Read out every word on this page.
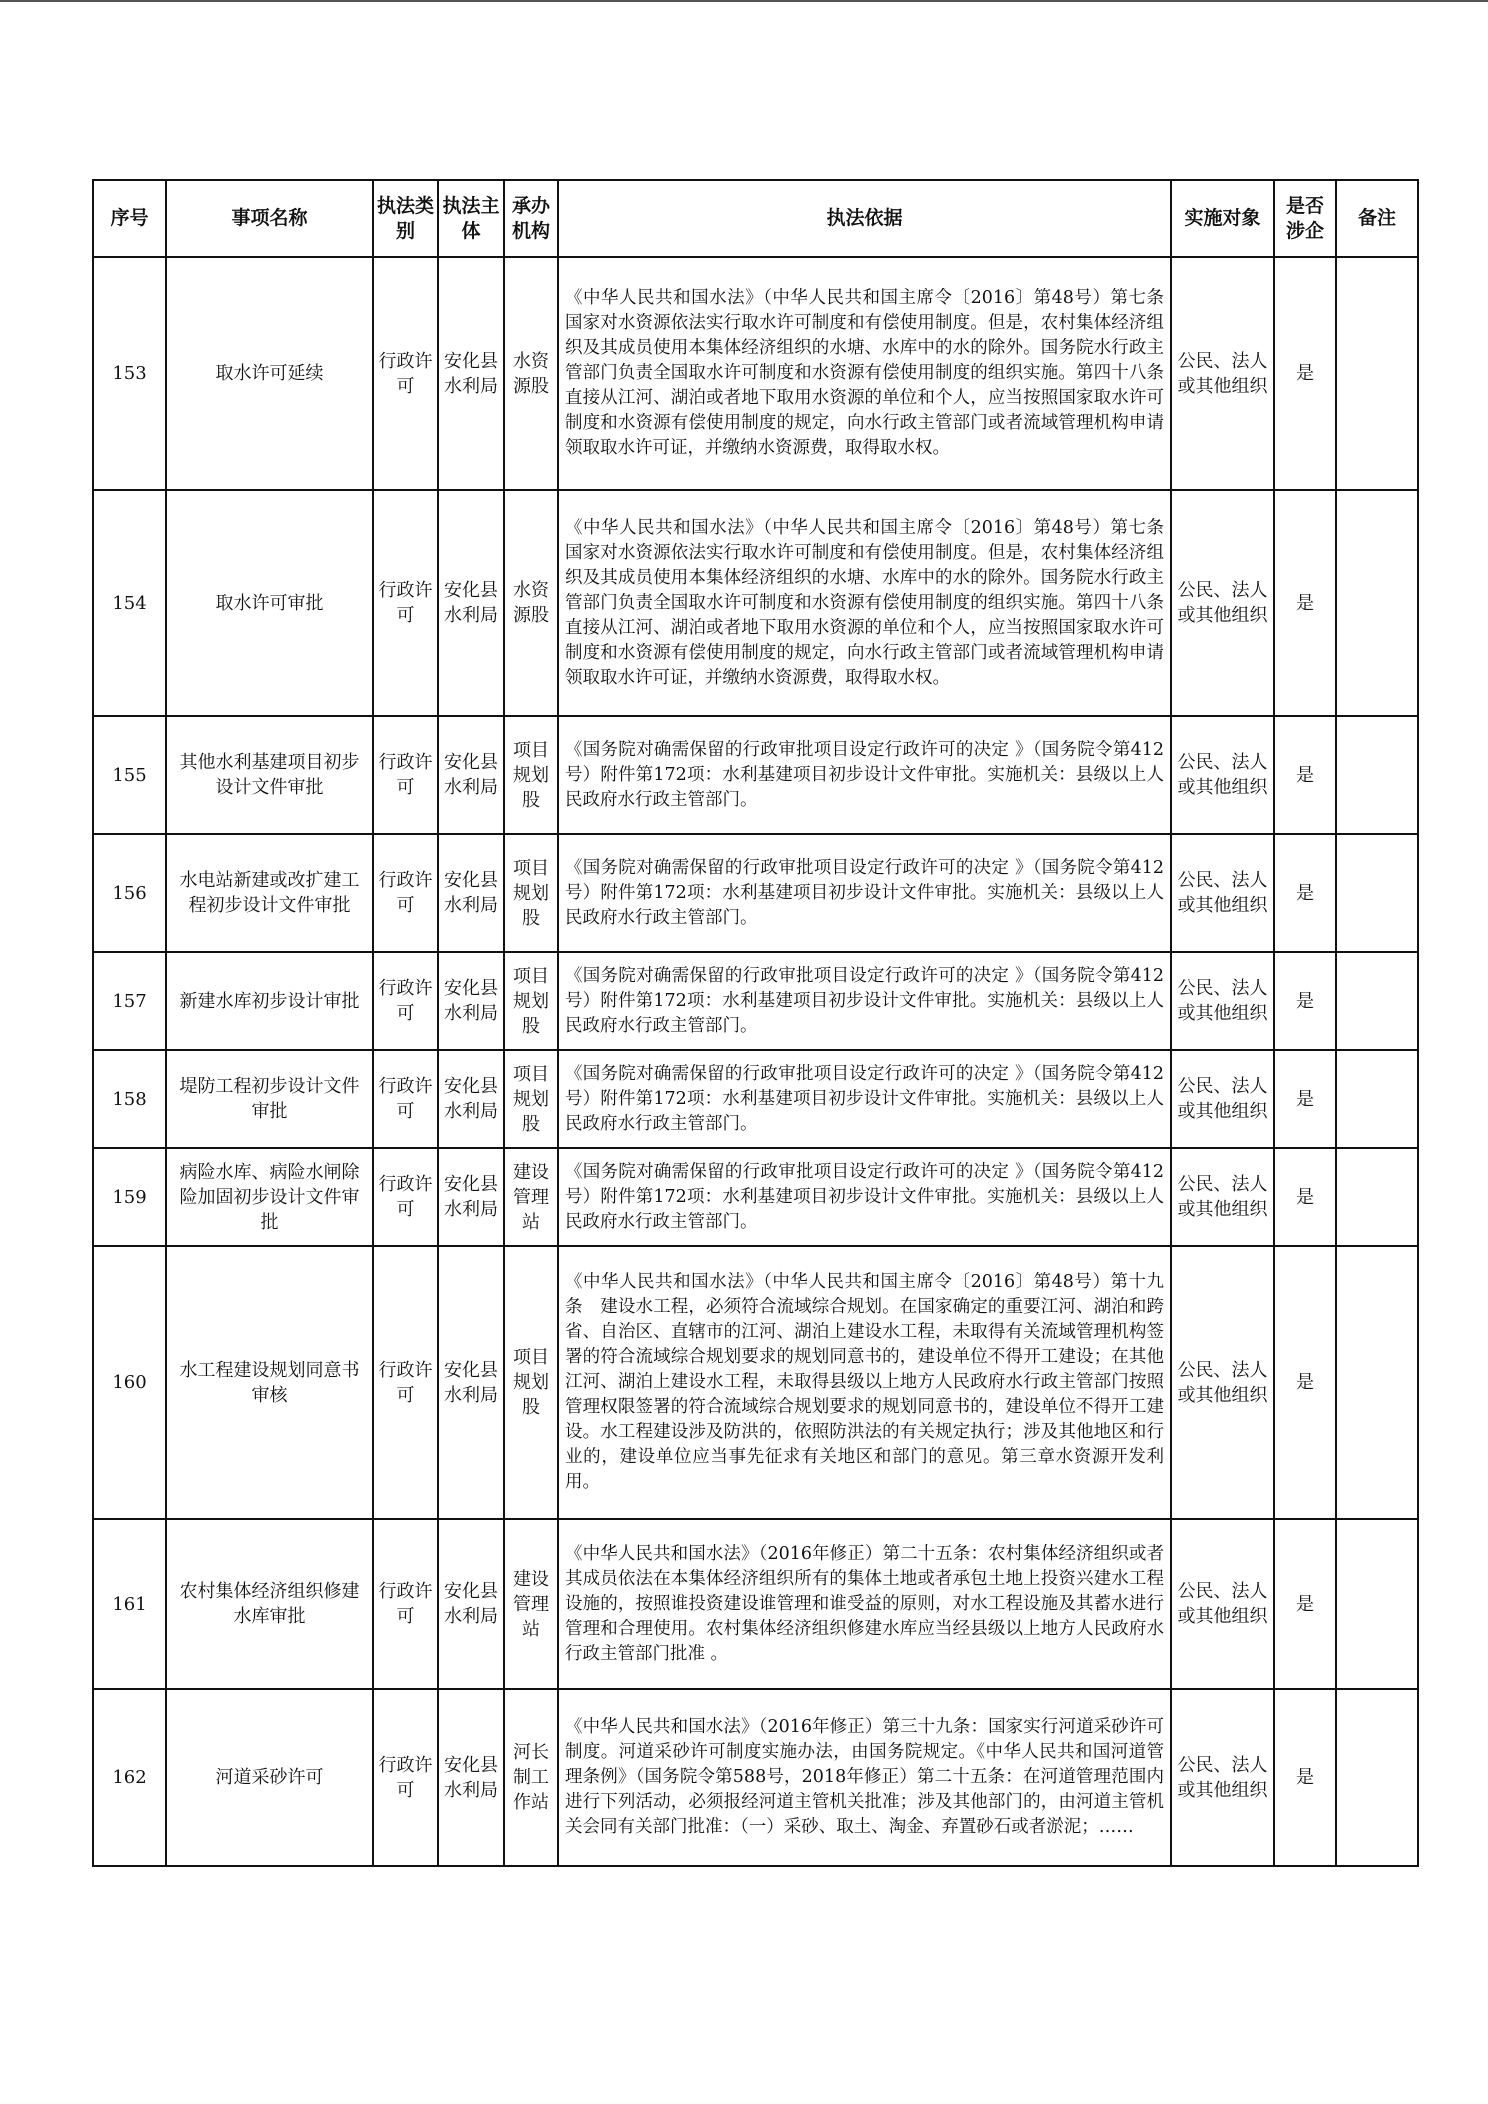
序号	事项名称	执法类别	执法主体	承办机构	执法依据	实施对象	是否涉企	备注
153	取水许可延续	行政许可	安化县水利局	水资源股	《中华人民共和国水法》（中华人民共和国主席令〔2016〕第48号）第七条　国家对水资源依法实行取水许可制度和有偿使用制度。但是，农村集体经济组织及其成员使用本集体经济组织的水塘、水库中的水的除外。国务院水行政主管部门负责全国取水许可制度和水资源有偿使用制度的组织实施。第四十八条　直接从江河、湖泊或者地下取用水资源的单位和个人，应当按照国家取水许可制度和水资源有偿使用制度的规定，向水行政主管部门或者流域管理机构申请领取取水许可证，并缴纳水资源费，取得取水权。	公民、法人或其他组织	是	
154	取水许可审批	行政许可	安化县水利局	水资源股	《中华人民共和国水法》（中华人民共和国主席令〔2016〕第48号）第七条　国家对水资源依法实行取水许可制度和有偿使用制度。但是，农村集体经济组织及其成员使用本集体经济组织的水塘、水库中的水的除外。国务院水行政主管部门负责全国取水许可制度和水资源有偿使用制度的组织实施。第四十八条　直接从江河、湖泊或者地下取用水资源的单位和个人，应当按照国家取水许可制度和水资源有偿使用制度的规定，向水行政主管部门或者流域管理机构申请领取取水许可证，并缴纳水资源费，取得取水权。	公民、法人或其他组织	是	
155	其他水利基建项目初步设计文件审批	行政许可	安化县水利局	项目规划股	《国务院对确需保留的行政审批项目设定行政许可的决定 》（国务院令第412号）附件第172项：水利基建项目初步设计文件审批。实施机关：县级以上人民政府水行政主管部门。	公民、法人或其他组织	是	
156	水电站新建或改扩建工程初步设计文件审批	行政许可	安化县水利局	项目规划股	《国务院对确需保留的行政审批项目设定行政许可的决定 》（国务院令第412号）附件第172项：水利基建项目初步设计文件审批。实施机关：县级以上人民政府水行政主管部门。	公民、法人或其他组织	是	
157	新建水库初步设计审批	行政许可	安化县水利局	项目规划股	《国务院对确需保留的行政审批项目设定行政许可的决定 》（国务院令第412号）附件第172项：水利基建项目初步设计文件审批。实施机关：县级以上人民政府水行政主管部门。	公民、法人或其他组织	是	
158	堤防工程初步设计文件审批	行政许可	安化县水利局	项目规划股	《国务院对确需保留的行政审批项目设定行政许可的决定 》（国务院令第412号）附件第172项：水利基建项目初步设计文件审批。实施机关：县级以上人民政府水行政主管部门。	公民、法人或其他组织	是	
159	病险水库、病险水闸除险加固初步设计文件审批	行政许可	安化县水利局	建设管理站	《国务院对确需保留的行政审批项目设定行政许可的决定 》（国务院令第412号）附件第172项：水利基建项目初步设计文件审批。实施机关：县级以上人民政府水行政主管部门。	公民、法人或其他组织	是	
160	水工程建设规划同意书审核	行政许可	安化县水利局	项目规划股	《中华人民共和国水法》（中华人民共和国主席令〔2016〕第48号）第十九条　建设水工程，必须符合流域综合规划。在国家确定的重要江河、湖泊和跨省、自治区、直辖市的江河、湖泊上建设水工程，未取得有关流域管理机构签署的符合流域综合规划要求的规划同意书的，建设单位不得开工建设；在其他江河、湖泊上建设水工程，未取得县级以上地方人民政府水行政主管部门按照管理权限签署的符合流域综合规划要求的规划同意书的，建设单位不得开工建设。水工程建设涉及防洪的，依照防洪法的有关规定执行；涉及其他地区和行业的，建设单位应当事先征求有关地区和部门的意见。第三章水资源开发利用。	公民、法人或其他组织	是	
161	农村集体经济组织修建水库审批	行政许可	安化县水利局	建设管理站	《中华人民共和国水法》（2016年修正）第二十五条：农村集体经济组织或者其成员依法在本集体经济组织所有的集体土地或者承包土地上投资兴建水工程设施的，按照谁投资建设谁管理和谁受益的原则，对水工程设施及其蓄水进行管理和合理使用。农村集体经济组织修建水库应当经县级以上地方人民政府水行政主管部门批准 。	公民、法人或其他组织	是	
162	河道采砂许可	行政许可	安化县水利局	河长制工作站	《中华人民共和国水法》（2016年修正）第三十九条：国家实行河道采砂许可制度。河道采砂许可制度实施办法，由国务院规定。《中华人民共和国河道管理条例》（国务院令第588号，2018年修正）第二十五条：在河道管理范围内进行下列活动，必须报经河道主管机关批准；涉及其他部门的，由河道主管机关会同有关部门批准：（一）采砂、取土、淘金、弃置砂石或者淤泥；……	公民、法人或其他组织	是	
